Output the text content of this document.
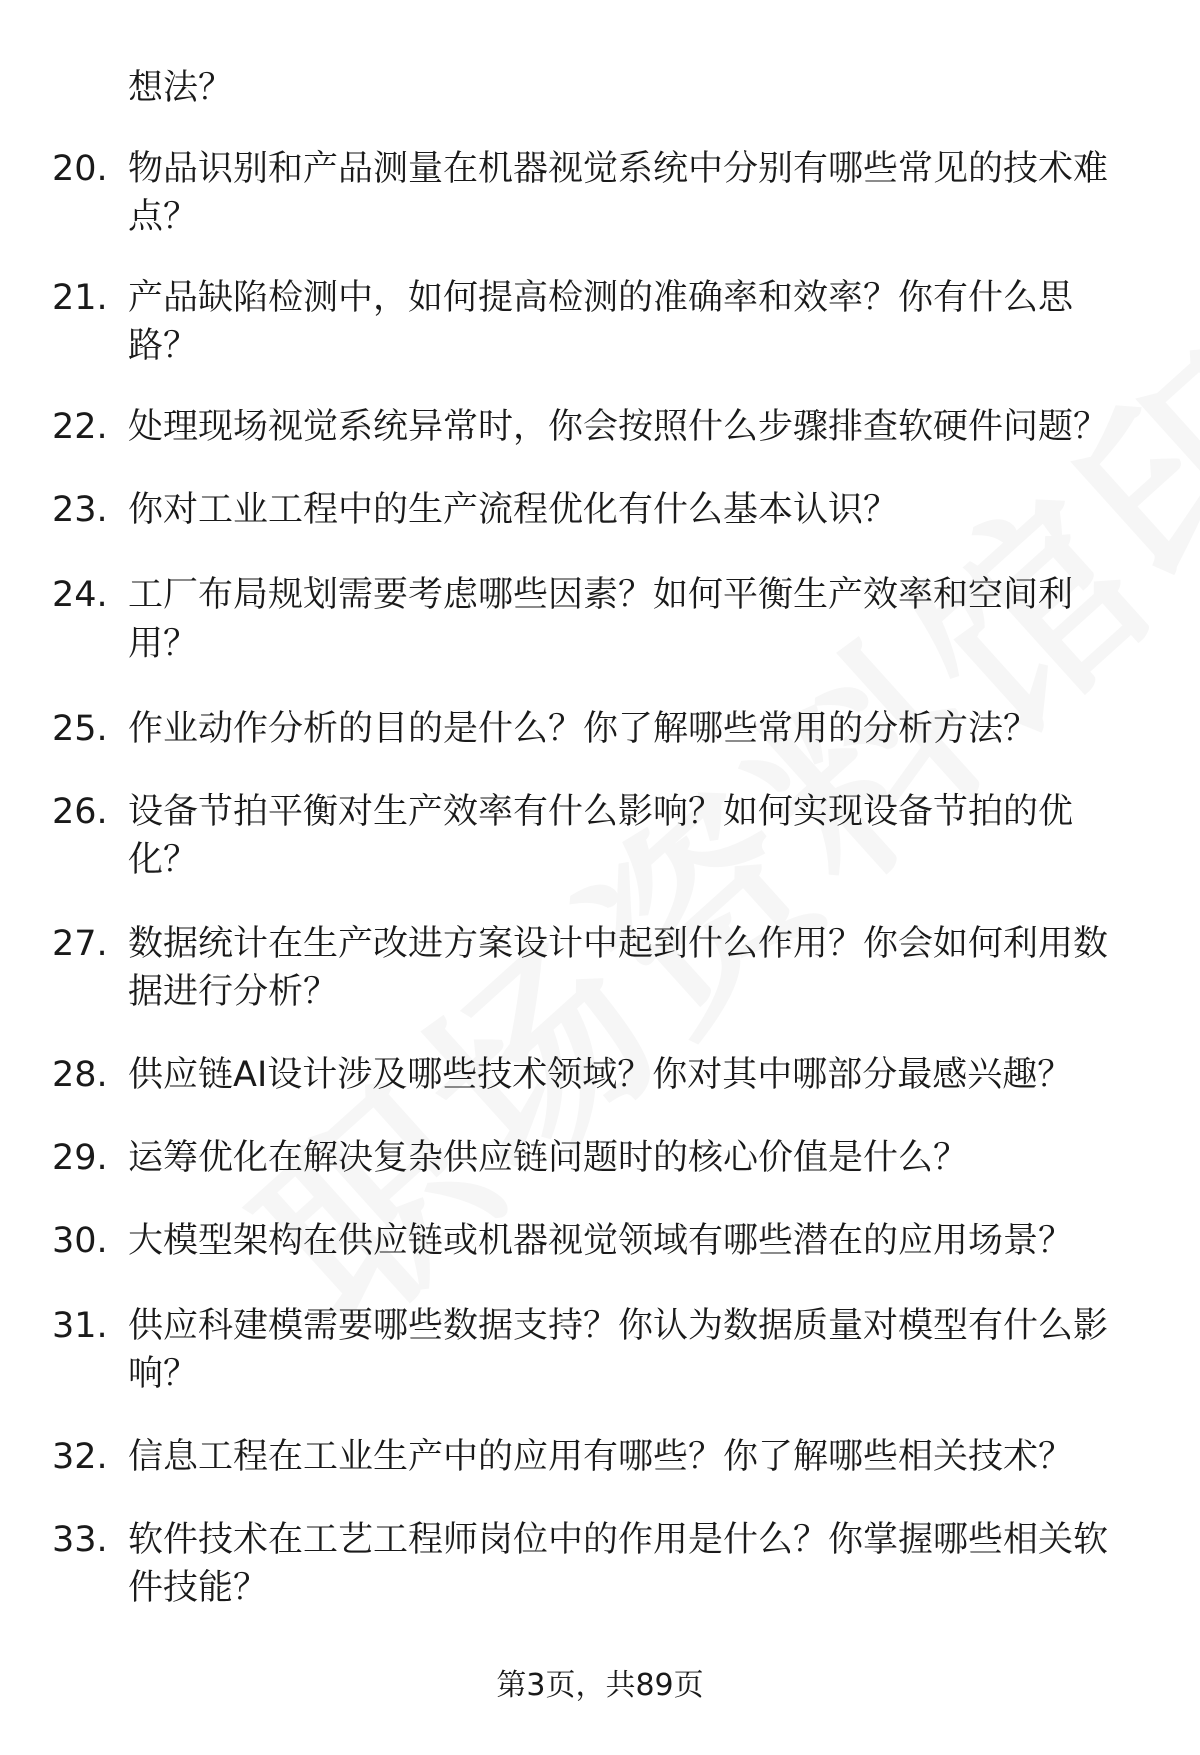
想法？
20. 物品识别和产品测量在机器视觉系统中分别有哪些常见的技术难
点？
21. 产品缺陷检测中，如何提高检测的准确率和效率？你有什么思
路？
22. 处理现场视觉系统异常时，你会按照什么步骤排查软硬件问题？
23. 你对工业工程中的生产流程优化有什么基本认识？
24. 工厂布局规划需要考虑哪些因素？如何平衡生产效率和空间利
用？
25. 作业动作分析的目的是什么？你了解哪些常用的分析方法？
26. 设备节拍平衡对生产效率有什么影响？如何实现设备节拍的优
化？
27. 数据统计在生产改进方案设计中起到什么作用？你会如何利用数
据进行分析？
28. 供应链AI设计涉及哪些技术领域？你对其中哪部分最感兴趣？
29. 运筹优化在解决复杂供应链问题时的核心价值是什么？
30. 大模型架构在供应链或机器视觉领域有哪些潜在的应用场景？
31. 供应科建模需要哪些数据支持？你认为数据质量对模型有什么影
响？
32. 信息工程在工业生产中的应用有哪些？你了解哪些相关技术？
33. 软件技术在工艺工程师岗位中的作用是什么？你掌握哪些相关软
件技能？
第3页，共89页
